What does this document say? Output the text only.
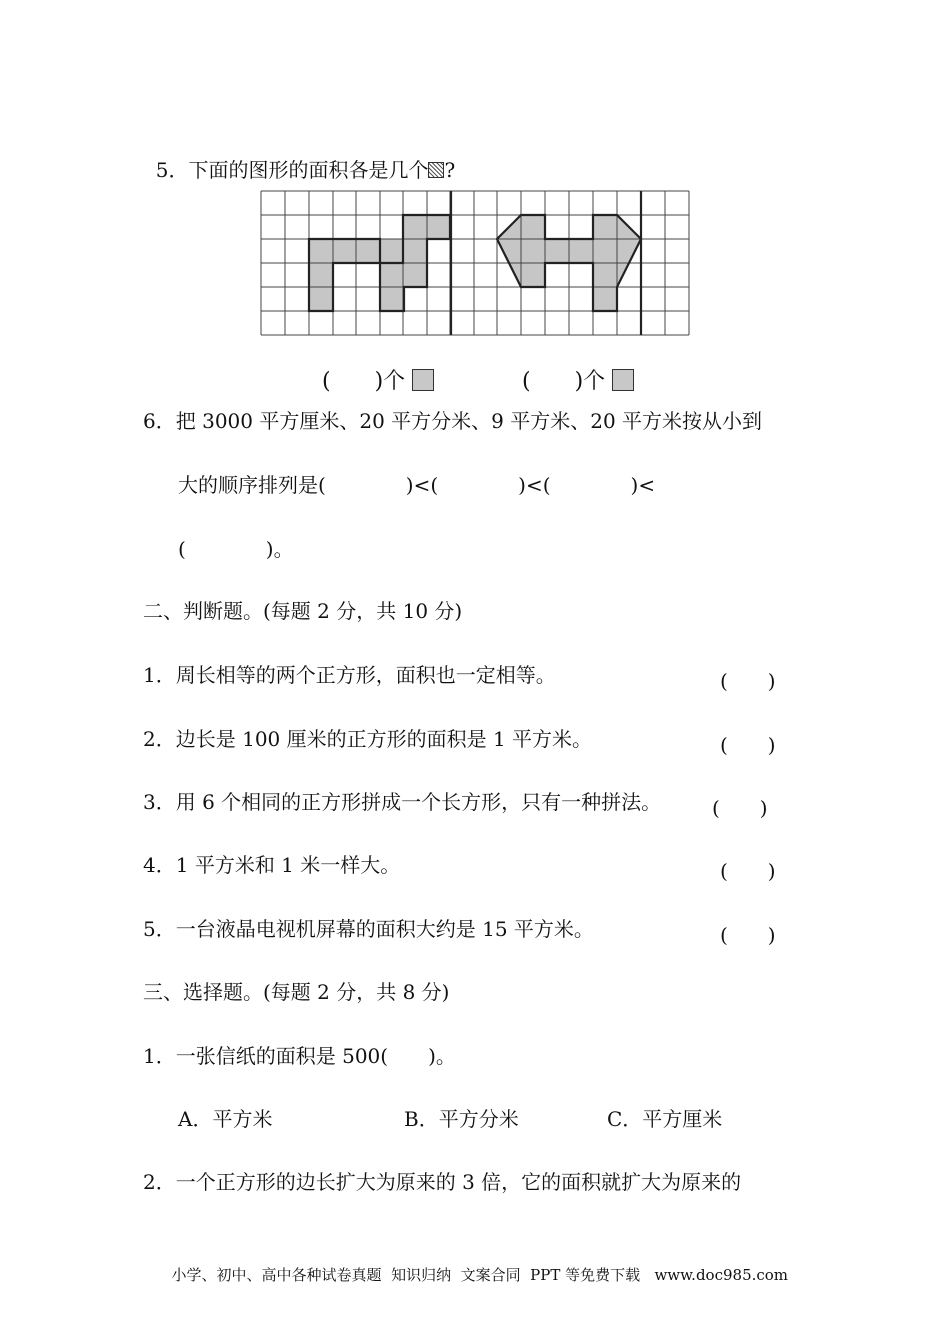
5．下面的图形的面积各是几个 ?

(　　)个	(　　)个

6．把 3000 平方厘米、20 平方分米、9 平方米、20 平方米按从小到
大的顺序排列是(　　　　)<(　　　　)<(　　　　)<
(　　　　)。
二、判断题。(每题 2 分，共 10 分)
1．周长相等的两个正方形，面积也一定相等。	(　　)
2．边长是 100 厘米的正方形的面积是 1 平方米。	(　　)
3．用 6 个相同的正方形拼成一个长方形，只有一种拼法。	(　　)
4．1 平方米和 1 米一样大。	(　　)
5．一台液晶电视机屏幕的面积大约是 15 平方米。	(　　)
三、选择题。(每题 2 分，共 8 分)
1．一张信纸的面积是 500(　　)。
A．平方米	B．平方分米	C．平方厘米
2．一个正方形的边长扩大为原来的 3 倍，它的面积就扩大为原来的

小学、初中、高中各种试卷真题  知识归纳  文案合同  PPT 等免费下载 www.doc985.com
